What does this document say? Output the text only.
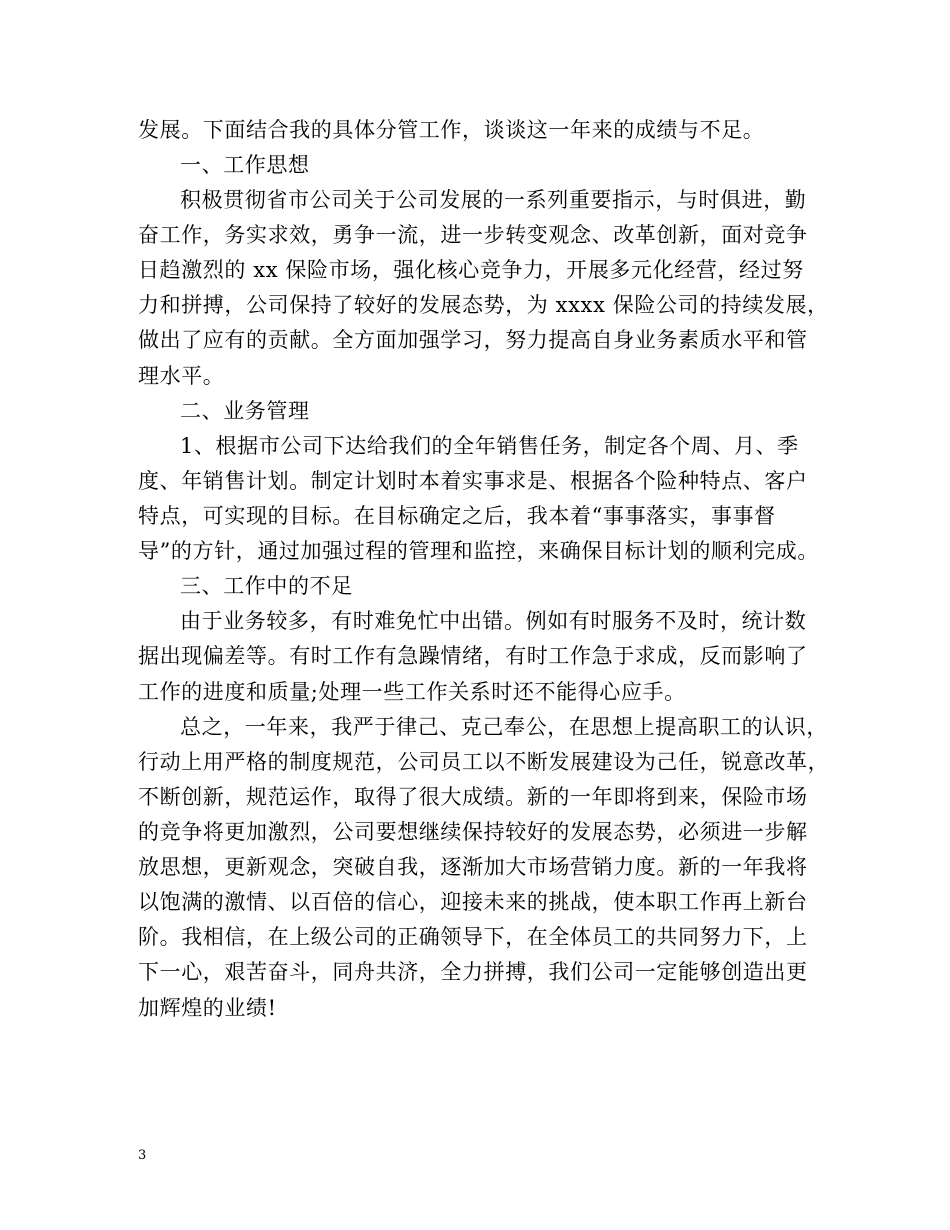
发展。下面结合我的具体分管工作，谈谈这一年来的成绩与不足。
一、工作思想
积极贯彻省市公司关于公司发展的一系列重要指示，与时俱进，勤
奋工作，务实求效，勇争一流，进一步转变观念、改革创新，面对竞争
日趋激烈的 xx 保险市场，强化核心竞争力，开展多元化经营，经过努
力和拼搏，公司保持了较好的发展态势，为 xxxx 保险公司的持续发展，
做出了应有的贡献。全方面加强学习，努力提高自身业务素质水平和管
理水平。
二、业务管理
1、根据市公司下达给我们的全年销售任务，制定各个周、月、季
度、年销售计划。制定计划时本着实事求是、根据各个险种特点、客户
特点，可实现的目标。在目标确定之后，我本着“事事落实，事事督
导”的方针，通过加强过程的管理和监控，来确保目标计划的顺利完成。
三、工作中的不足
由于业务较多，有时难免忙中出错。例如有时服务不及时，统计数
据出现偏差等。有时工作有急躁情绪，有时工作急于求成，反而影响了
工作的进度和质量;处理一些工作关系时还不能得心应手。
总之，一年来，我严于律己、克己奉公，在思想上提高职工的认识，
行动上用严格的制度规范，公司员工以不断发展建设为己任，锐意改革，
不断创新，规范运作，取得了很大成绩。新的一年即将到来，保险市场
的竞争将更加激烈，公司要想继续保持较好的发展态势，必须进一步解
放思想，更新观念，突破自我，逐渐加大市场营销力度。新的一年我将
以饱满的激情、以百倍的信心，迎接未来的挑战，使本职工作再上新台
阶。我相信，在上级公司的正确领导下，在全体员工的共同努力下，上
下一心，艰苦奋斗，同舟共济，全力拼搏，我们公司一定能够创造出更
加辉煌的业绩!
3
